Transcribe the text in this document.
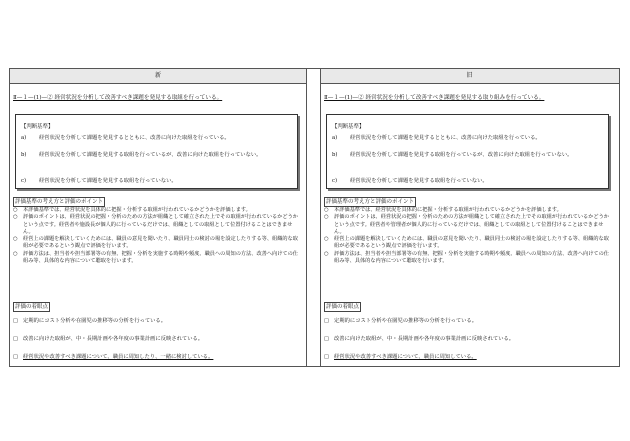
新	旧
Ⅱ—１—(1)—② 経営状況を分析して改善すべき課題を発見する取組を行っている。
【判断基準】
a)	経営状況を分析して課題を発見するとともに、改善に向けた取組を行っている。
b)	経営状況を分析して課題を発見する取組を行っているが、改善に向けた取組を行っていない。
c)	経営状況を分析して課題を発見する取組を行っていない。
評価基準の考え方と評価のポイント
○	本評価基準では、経営状況を具体的に把握・分析する取組が行われているかどうかを評価します。
○	評価のポイントは、経営状況の把握・分析のための方法が組織として確立された上でその取組が行われているかどうかという点です。経営者や施設長が個人的に行っているだけでは、組織としての取組として位置付けることはできません。
○	経営上の課題を解決していくためには、職員の意見を聞いたり、職員同士の検討の場を設定したりする等、組織的な取組が必要であるという観点で評価を行います。
○	評価方法は、担当者や担当部署等の有無、把握・分析を実施する時期や頻度、職員への周知の方法、改善へ向けての仕組み等、具体的な内容について聴取を行います。
評価の着眼点
□ 定期的にコスト分析や在園児の推移等の分析を行っている。
□ 改善に向けた取組が、中・長期計画や各年度の事業計画に反映されている。
□ 経営状況や改善すべき課題について、職員に周知したり、一緒に検討している。
Ⅱ—１—(1)—② 経営状況を分析して改善すべき課題を発見する取り組みを行っている。
【判断基準】
a)	経営状況を分析して課題を発見するとともに、改善に向けた取組を行っている。
b)	経営状況を分析して課題を発見する取組を行っているが、改善に向けた取組を行っていない。
c)	経営状況を分析して課題を発見する取組を行っていない。
評価基準の考え方と評価のポイント
○	本評価基準では、経営状況を具体的に把握・分析する取組が行われているかどうかを評価します。
○	評価のポイントは、経営状況の把握・分析のための方法が組織として確立された上でその取組が行われているかどうかという点です。経営者や管理者が個人的に行っているだけでは、組織としての取組として位置付けることはできません。
○	経営上の課題を解決していくためには、職員の意見を聞いたり、職員同士の検討の場を設定したりする等、組織的な取組が必要であるという観点で評価を行います。
○	評価方法は、担当者や担当部署等の有無、把握・分析を実施する時期や頻度、職員への周知の方法、改善へ向けての仕組み等、具体的な内容について聴取を行います。
評価の着眼点
□ 定期的にコスト分析や在園児の推移等の分析を行っている。
□ 改善に向けた取組が、中・長期計画や各年度の事業計画に反映されている。
□ 経営状況や改善すべき課題について、職員に周知している。
